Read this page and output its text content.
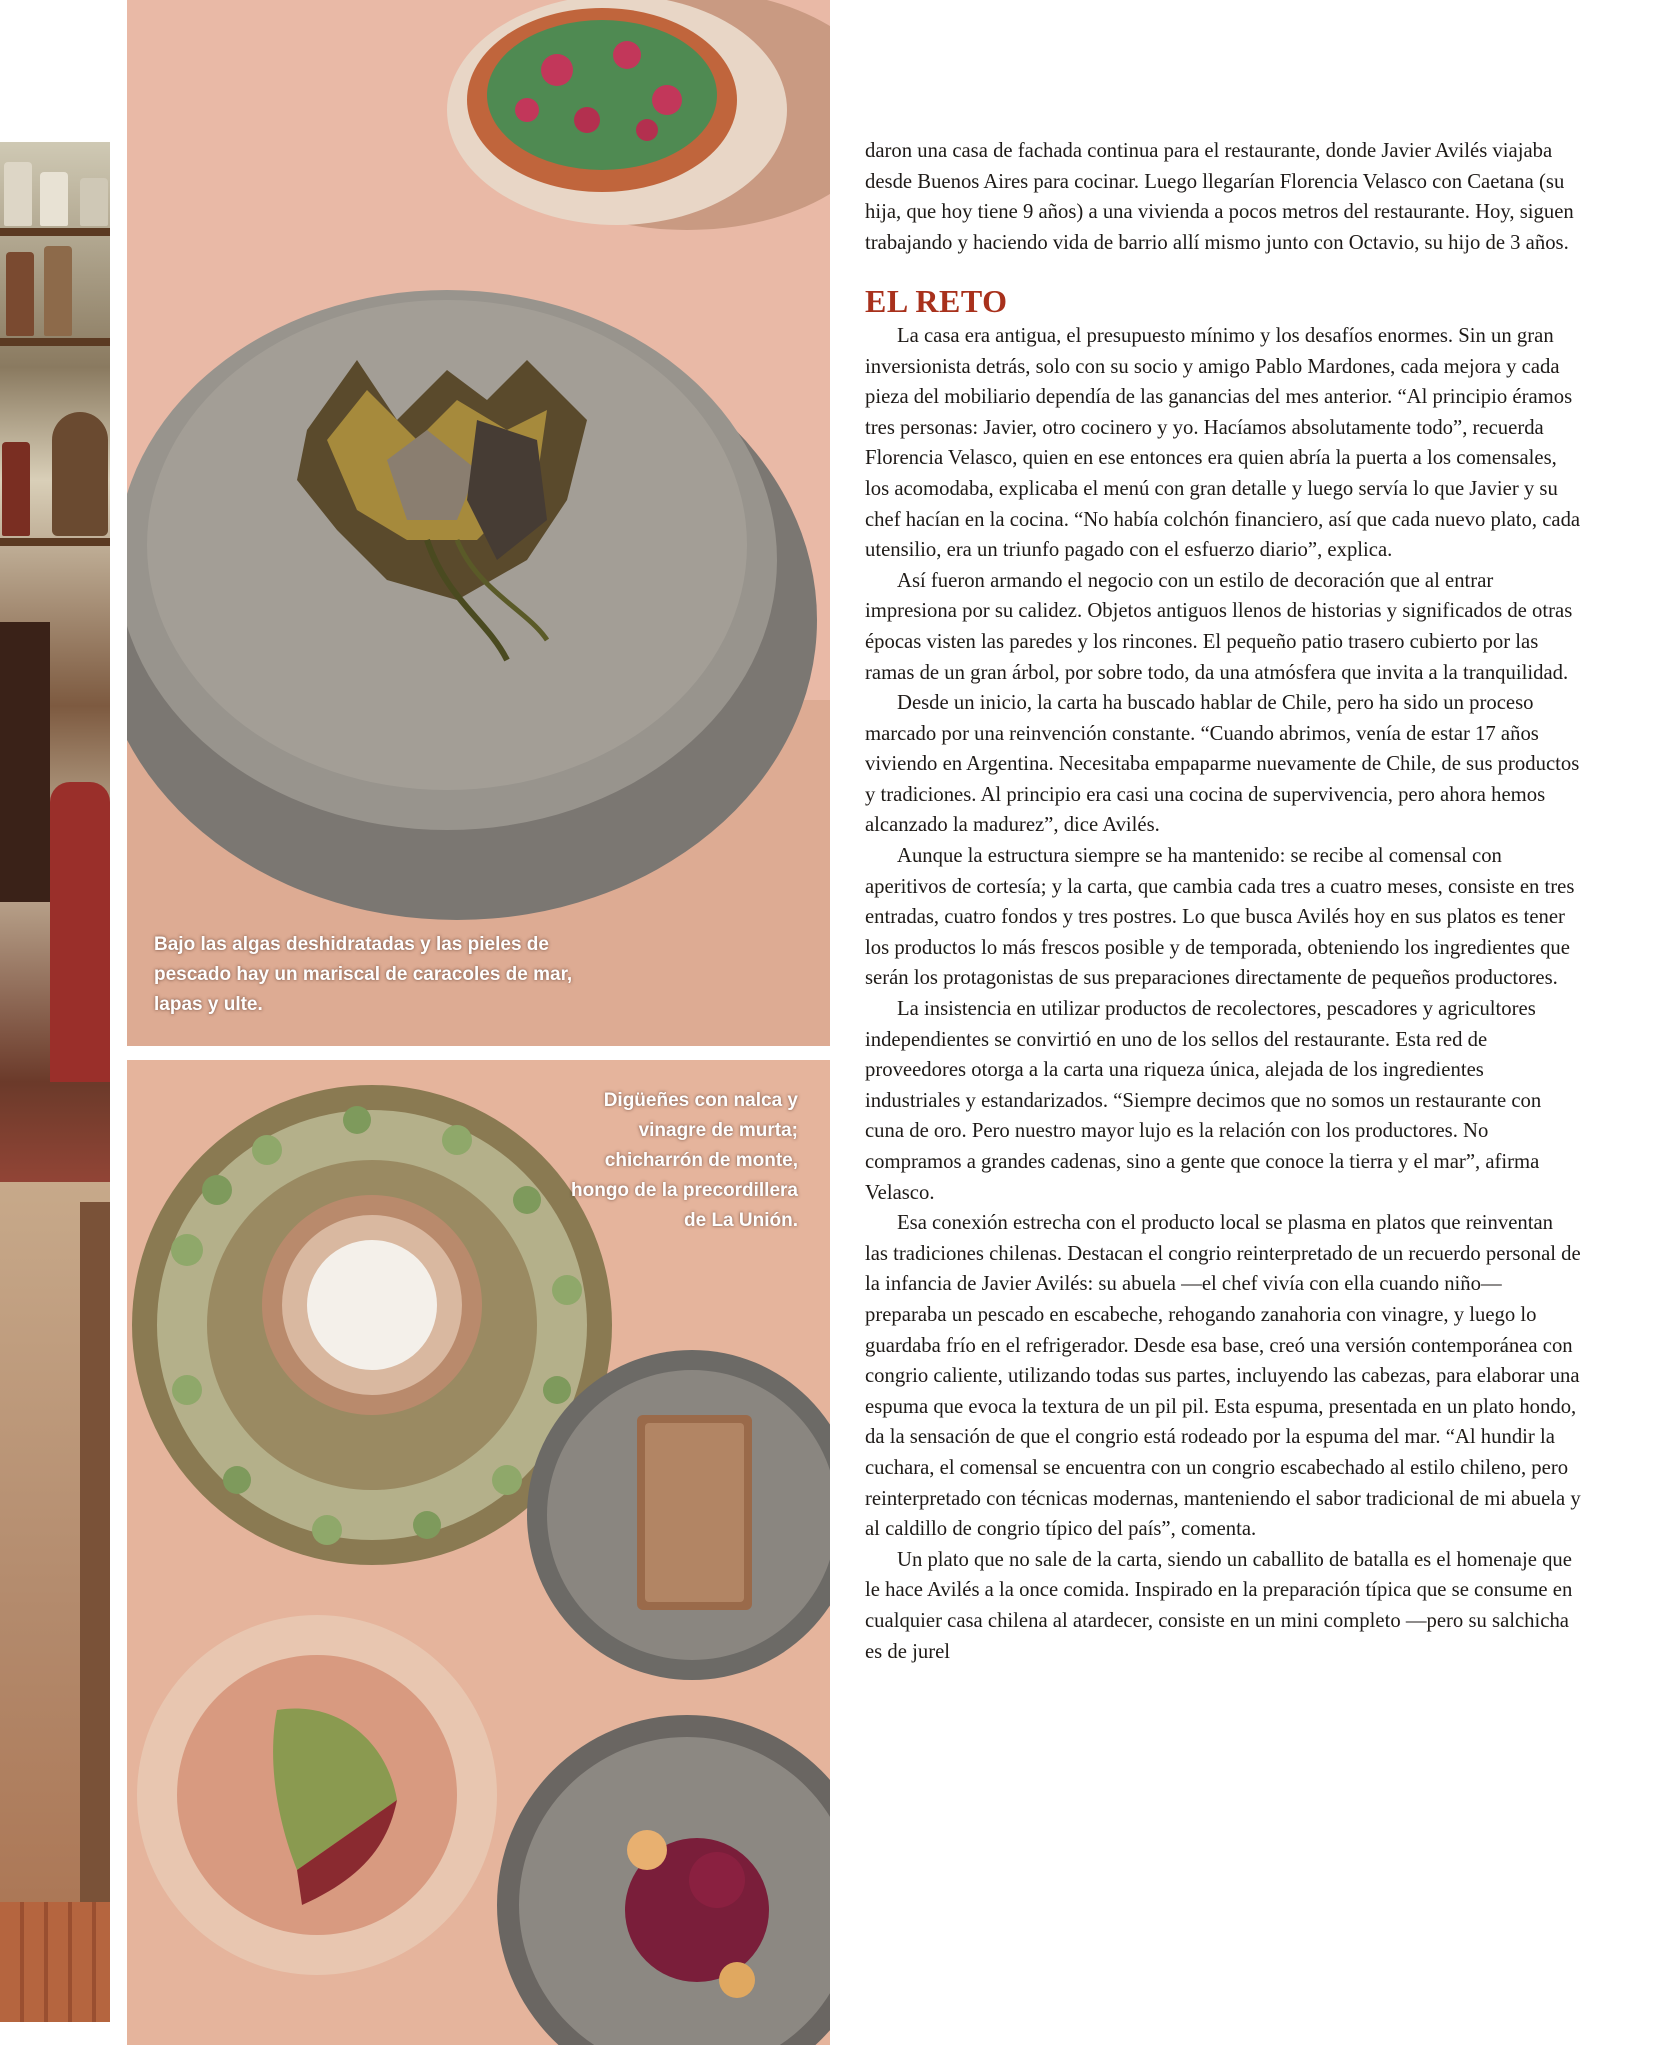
Bajo las algas deshidratadas y las pieles de pescado hay un mariscal de caracoles de mar, lapas y ulte.
Digüeñes con nalca y vinagre de murta; chicharrón de monte, hongo de la precordillera de La Unión.

daron una casa de fachada continua para el restaurante, donde Javier Avilés viajaba desde Buenos Aires para cocinar. Luego llegarían Florencia Velasco con Caetana (su hija, que hoy tiene 9 años) a una vivienda a pocos metros del restaurante. Hoy, siguen trabajando y haciendo vida de barrio allí mismo junto con Octavio, su hijo de 3 años.

EL RETO

La casa era antigua, el presupuesto mínimo y los desafíos enormes. Sin un gran inversionista detrás, solo con su socio y amigo Pablo Mardones, cada mejora y cada pieza del mobiliario dependía de las ganancias del mes anterior. “Al principio éramos tres personas: Javier, otro cocinero y yo. Hacíamos absolutamente todo”, recuerda Florencia Velasco, quien en ese entonces era quien abría la puerta a los comensales, los acomodaba, explicaba el menú con gran detalle y luego servía lo que Javier y su chef hacían en la cocina. “No había colchón financiero, así que cada nuevo plato, cada utensilio, era un triunfo pagado con el esfuerzo diario”, explica.

Así fueron armando el negocio con un estilo de decoración que al entrar impresiona por su calidez. Objetos antiguos llenos de historias y significados de otras épocas visten las paredes y los rincones. El pequeño patio trasero cubierto por las ramas de un gran árbol, por sobre todo, da una atmósfera que invita a la tranquilidad.

Desde un inicio, la carta ha buscado hablar de Chile, pero ha sido un proceso marcado por una reinvención constante. “Cuando abrimos, venía de estar 17 años viviendo en Argentina. Necesitaba empaparme nuevamente de Chile, de sus productos y tradiciones. Al principio era casi una cocina de supervivencia, pero ahora hemos alcanzado la madurez”, dice Avilés.

Aunque la estructura siempre se ha mantenido: se recibe al comensal con aperitivos de cortesía; y la carta, que cambia cada tres a cuatro meses, consiste en tres entradas, cuatro fondos y tres postres. Lo que busca Avilés hoy en sus platos es tener los productos lo más frescos posible y de temporada, obteniendo los ingredientes que serán los protagonistas de sus preparaciones directamente de pequeños productores.

La insistencia en utilizar productos de recolectores, pescadores y agricultores independientes se convirtió en uno de los sellos del restaurante. Esta red de proveedores otorga a la carta una riqueza única, alejada de los ingredientes industriales y estandarizados. “Siempre decimos que no somos un restaurante con cuna de oro. Pero nuestro mayor lujo es la relación con los productores. No compramos a grandes cadenas, sino a gente que conoce la tierra y el mar”, afirma Velasco.

Esa conexión estrecha con el producto local se plasma en platos que reinventan las tradiciones chilenas. Destacan el congrio reinterpretado de un recuerdo personal de la infancia de Javier Avilés: su abuela —el chef vivía con ella cuando niño— preparaba un pescado en escabeche, rehogando zanahoria con vinagre, y luego lo guardaba frío en el refrigerador. Desde esa base, creó una versión contemporánea con congrio caliente, utilizando todas sus partes, incluyendo las cabezas, para elaborar una espuma que evoca la textura de un pil pil. Esta espuma, presentada en un plato hondo, da la sensación de que el congrio está rodeado por la espuma del mar. “Al hundir la cuchara, el comensal se encuentra con un congrio escabechado al estilo chileno, pero reinterpretado con técnicas modernas, manteniendo el sabor tradicional de mi abuela y al caldillo de congrio típico del país”, comenta.

Un plato que no sale de la carta, siendo un caballito de batalla es el homenaje que le hace Avilés a la once comida. Inspirado en la preparación típica que se consume en cualquier casa chilena al atardecer, consiste en un mini completo —pero su salchicha es de jurel
